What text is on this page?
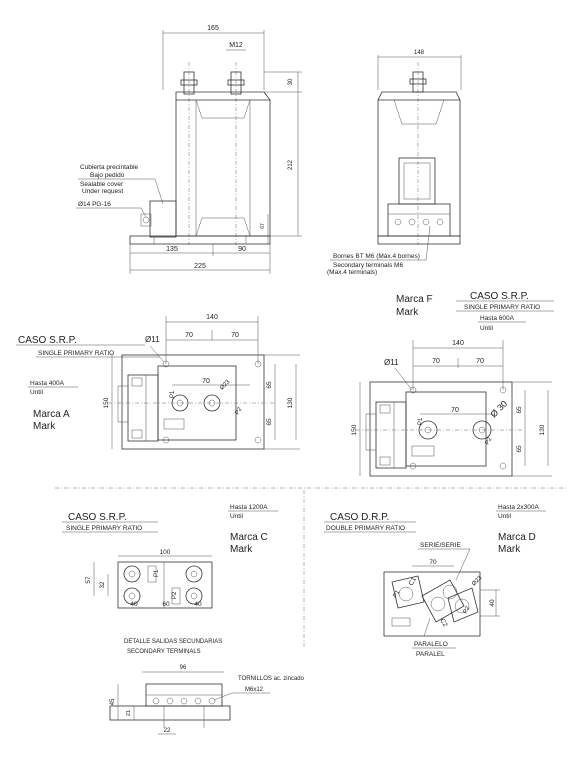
165
M12
30
212
67
135	90
225
Cubierta precintable
Bajo pedido
Sealable cover
Under request
Ø14 PG-16
148
Bornes BT M6 (Máx.4 bornes)
Secondary terminals M6
(Max.4 terminals)
CASO S.R.P.
SINGLE PRIMARY RATIO
Ø11
140
70	70
70
P1
P2
Ø23	65
65
130
150
Hasta 400A
Until
Marca A
Mark
Marca F
Mark
CASO S.R.P.
SINGLE PRIMARY RATIO
Hasta 600A
Until
Ø11
140
70	70
70
P1
P2
Ø 30 65
65
130
150
CASO S.R.P.
SINGLE PRIMARY RATIO
Hasta 1200A
Until
Marca C
Mark
100
P1
P2
57
32
40	60	40
DETALLE SALIDAS SECUNDARIAS
SECONDARY TERMINALS
96
45
21
22
TORNILLOS ac. zincado
M6x12
CASO D.R.P.
DOUBLE PRIMARY RATIO
Hasta 2x300A
Until
Marca D
Mark
SERIE/SERIE
70
C1
C2
P1
P2
Ø23
40
PARALELO
PARALEL
